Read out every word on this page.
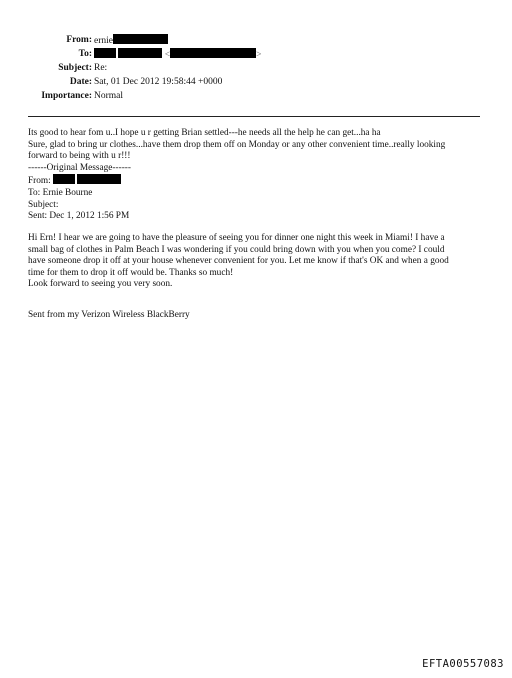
From: ernie
To:	<	>
Subject: Re:
Date: Sat, 01 Dec 2012 19:58:44 +0000
Importance: Normal

Its good to hear fom u..I hope u r getting Brian settled---he needs all the help he can get...ha ha

Sure, glad to bring ur clothes...have them drop them off on Monday or any other convenient time..really looking

forward to being with u r!!!

------Original Message------

From:

To: Ernie Bourne

Subject:

Sent: Dec 1, 2012 1:56 PM

Hi Ern! I hear we are going to have the pleasure of seeing you for dinner one night this week in Miami! I have a

small bag of clothes in Palm Beach I was wondering if you could bring down with you when you come? I could

have someone drop it off at your house whenever convenient for you. Let me know if that's OK and when a good

time for them to drop it off would be. Thanks so much!

Look forward to seeing you very soon.

Sent from my Verizon Wireless BlackBerry

EFTA00557083
